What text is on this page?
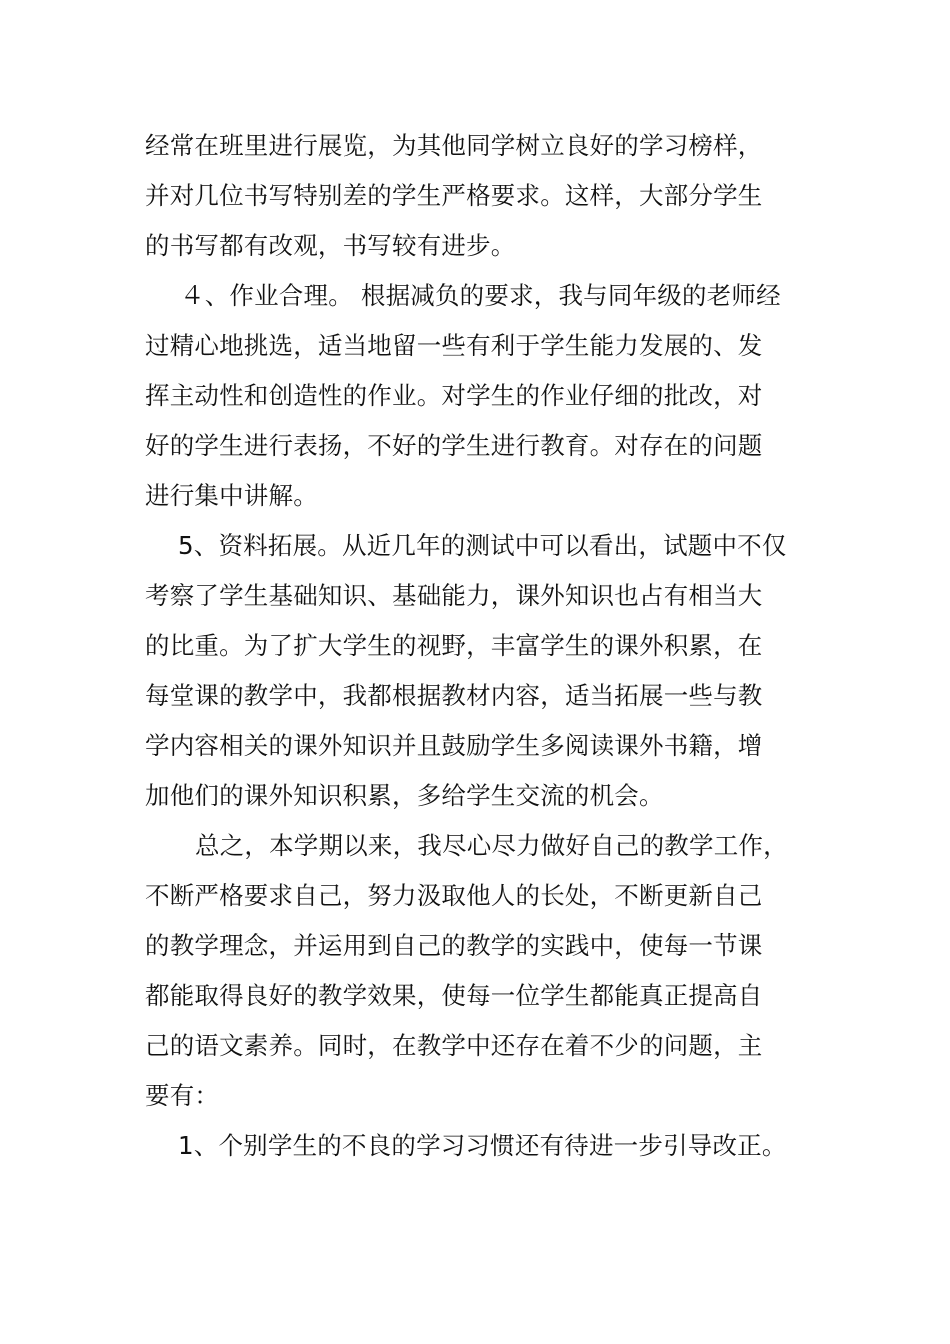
经常在班里进行展览，为其他同学树立良好的学习榜样，
并对几位书写特别差的学生严格要求。这样，大部分学生
的书写都有改观，书写较有进步。
４、作业合理。 根据减负的要求，我与同年级的老师经
过精心地挑选，适当地留一些有利于学生能力发展的、发
挥主动性和创造性的作业。对学生的作业仔细的批改，对
好的学生进行表扬，不好的学生进行教育。对存在的问题
进行集中讲解。
5、资料拓展。从近几年的测试中可以看出，试题中不仅
考察了学生基础知识、基础能力，课外知识也占有相当大
的比重。为了扩大学生的视野，丰富学生的课外积累，在
每堂课的教学中，我都根据教材内容，适当拓展一些与教
学内容相关的课外知识并且鼓励学生多阅读课外书籍，增
加他们的课外知识积累，多给学生交流的机会。
总之，本学期以来，我尽心尽力做好自己的教学工作，
不断严格要求自己，努力汲取他人的长处，不断更新自己
的教学理念，并运用到自己的教学的实践中，使每一节课
都能取得良好的教学效果，使每一位学生都能真正提高自
己的语文素养。同时，在教学中还存在着不少的问题，主
要有：
1、个别学生的不良的学习习惯还有待进一步引导改正。
